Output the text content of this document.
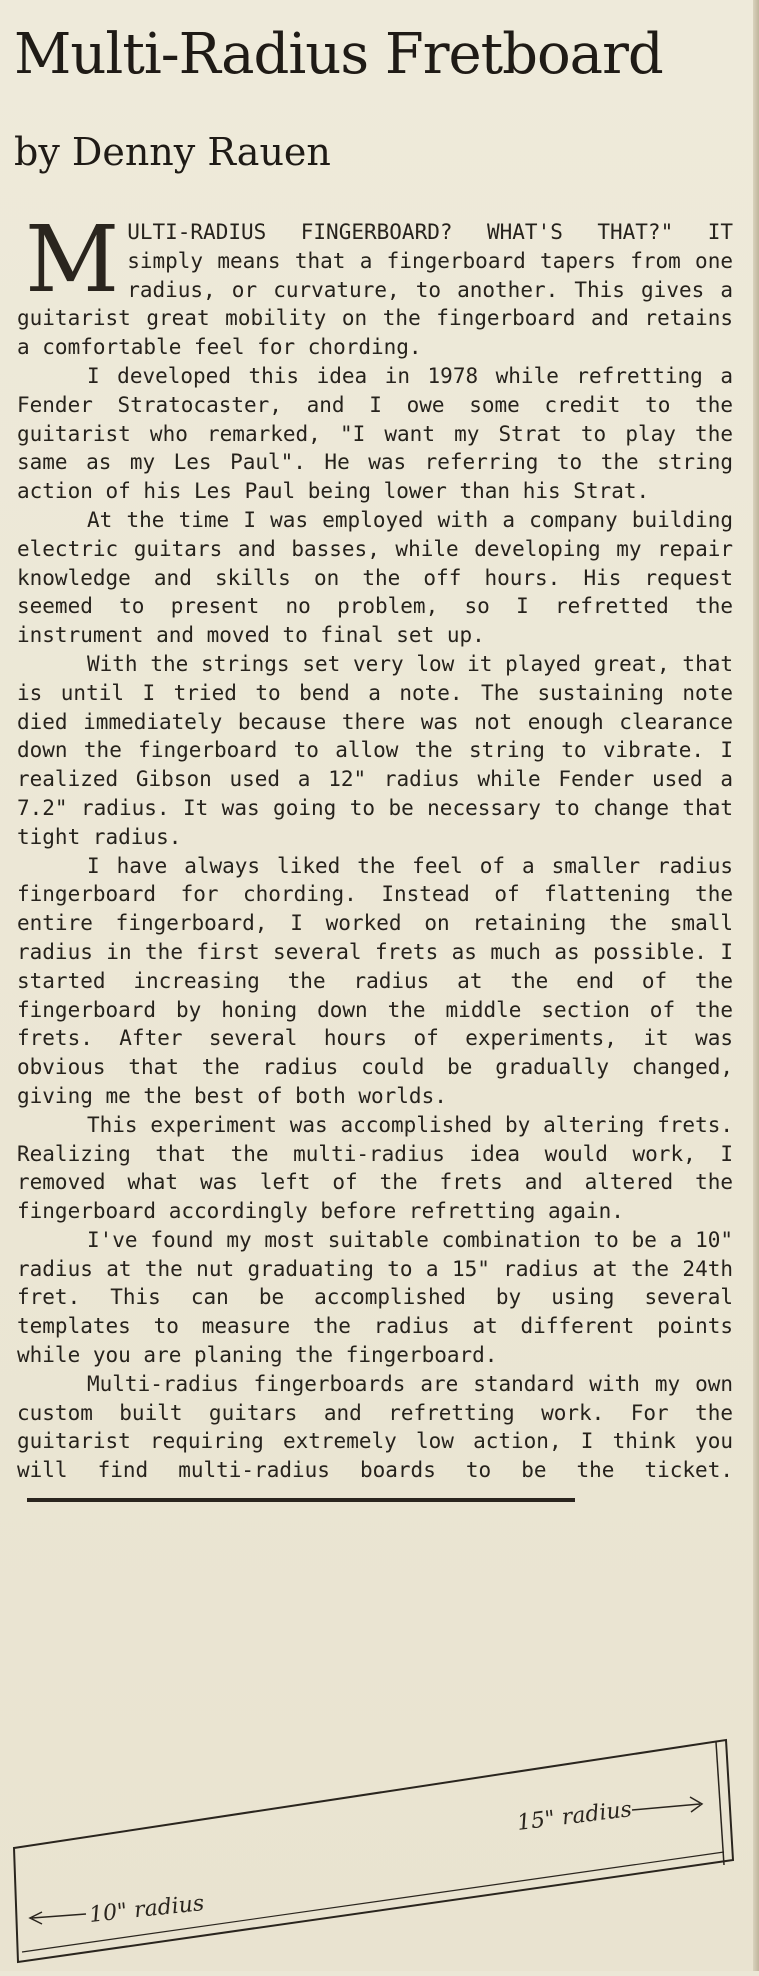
Multi-Radius Fretboard
by Denny Rauen

MULTI-RADIUS FINGERBOARD? WHAT'S THAT?" IT simply means that a fingerboard tapers from one radius, or curvature, to another. This gives a guitarist great mobility on the fingerboard and retains a comfortable feel for chording.

I developed this idea in 1978 while refretting a Fender Stratocaster, and I owe some credit to the guitarist who remarked, "I want my Strat to play the same as my Les Paul". He was referring to the string action of his Les Paul being lower than his Strat.

At the time I was employed with a company building electric guitars and basses, while developing my repair knowledge and skills on the off hours. His request seemed to present no problem, so I refretted the instrument and moved to final set up.

With the strings set very low it played great, that is until I tried to bend a note. The sustaining note died immediately because there was not enough clearance down the fingerboard to allow the string to vibrate. I realized Gibson used a 12" radius while Fender used a 7.2" radius. It was going to be necessary to change that tight radius.

I have always liked the feel of a smaller radius fingerboard for chording. Instead of flattening the entire fingerboard, I worked on retaining the small radius in the first several frets as much as possible. I started increasing the radius at the end of the fingerboard by honing down the middle section of the frets. After several hours of experiments, it was obvious that the radius could be gradually changed, giving me the best of both worlds.

This experiment was accomplished by altering frets. Realizing that the multi-radius idea would work, I removed what was left of the frets and altered the fingerboard accordingly before refretting again.

I've found my most suitable combination to be a 10" radius at the nut graduating to a 15" radius at the 24th fret. This can be accomplished by using several templates to measure the radius at different points while you are planing the fingerboard.

Multi-radius fingerboards are standard with my own custom built guitars and refretting work. For the guitarist requiring extremely low action, I think you will find multi-radius boards to be the ticket.

10" radius
15" radius
